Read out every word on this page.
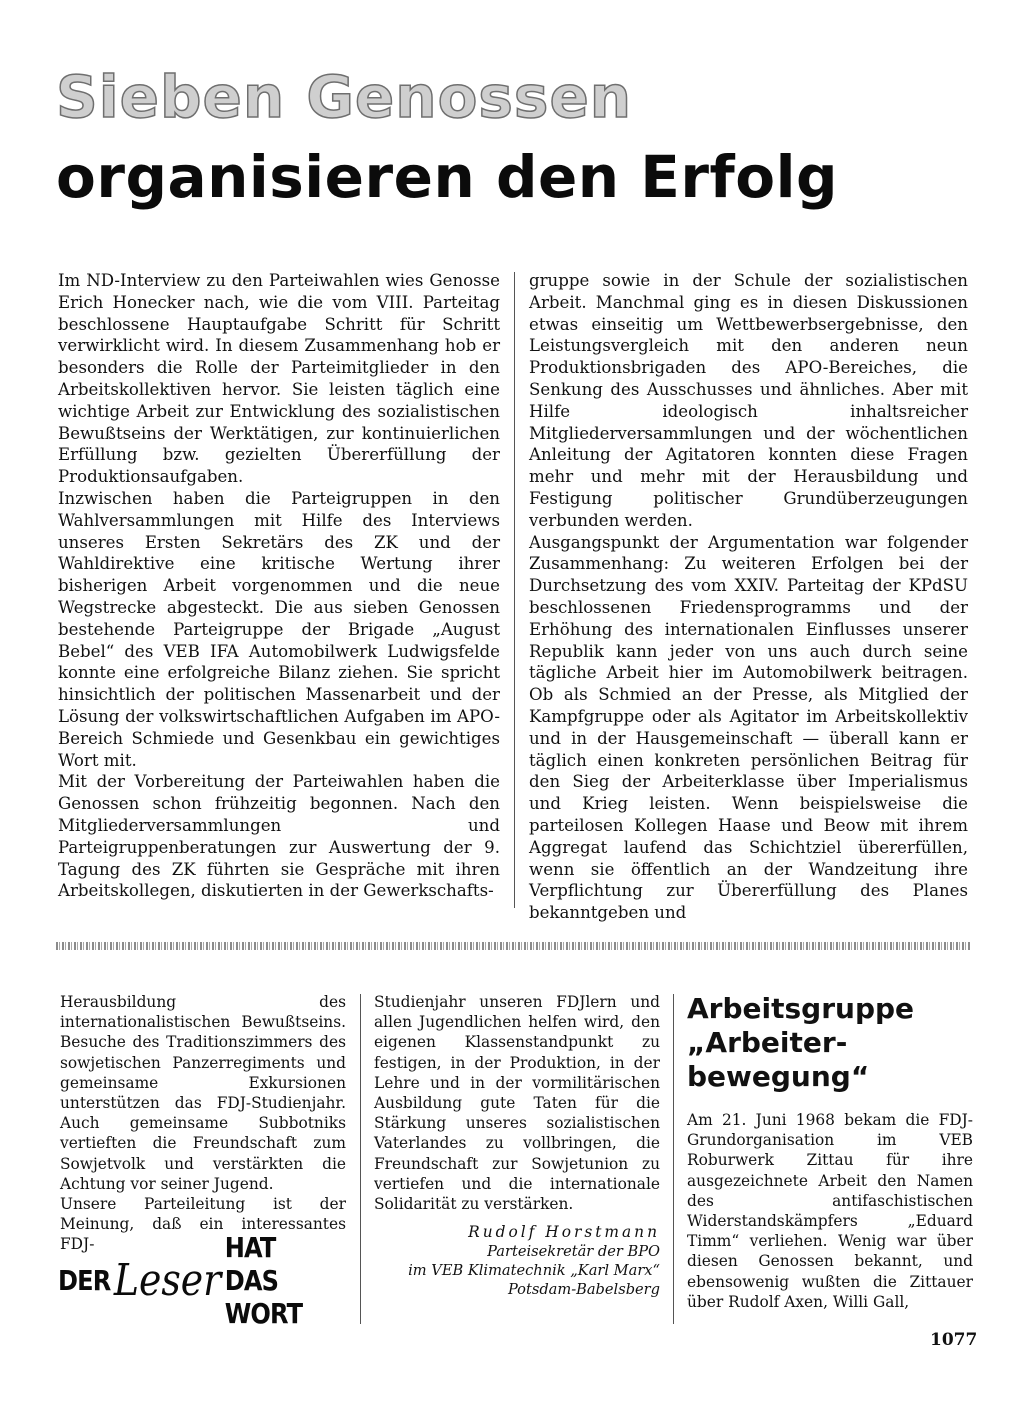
Sieben Genossen
organisieren den Erfolg

Im ND-Interview zu den Parteiwahlen wies Genosse Erich Honecker nach, wie die vom VIII. Parteitag beschlossene Hauptaufgabe Schritt für Schritt verwirklicht wird. In diesem Zusammenhang hob er besonders die Rolle der Parteimitglieder in den Arbeitskollektiven hervor. Sie leisten täglich eine wichtige Arbeit zur Entwicklung des sozialistischen Bewußtseins der Werktätigen, zur kontinuierlichen Erfüllung bzw. gezielten Übererfüllung der Produktionsaufgaben.

Inzwischen haben die Parteigruppen in den Wahlversammlungen mit Hilfe des Interviews unseres Ersten Sekretärs des ZK und der Wahldirektive eine kritische Wertung ihrer bisherigen Arbeit vorgenommen und die neue Wegstrecke abgesteckt. Die aus sieben Genossen bestehende Parteigruppe der Brigade „August Bebel“ des VEB IFA Automobilwerk Ludwigsfelde konnte eine erfolgreiche Bilanz ziehen. Sie spricht hinsichtlich der politischen Massenarbeit und der Lösung der volkswirtschaftlichen Aufgaben im APO-Bereich Schmiede und Gesenkbau ein gewichtiges Wort mit.

Mit der Vorbereitung der Parteiwahlen haben die Genossen schon frühzeitig begonnen. Nach den Mitgliederversammlungen und Parteigruppenberatungen zur Auswertung der 9. Tagung des ZK führten sie Gespräche mit ihren Arbeitskollegen, diskutierten in der Gewerkschafts-

gruppe sowie in der Schule der sozialistischen Arbeit. Manchmal ging es in diesen Diskussionen etwas einseitig um Wettbewerbsergebnisse, den Leistungsvergleich mit den anderen neun Produktionsbrigaden des APO-Bereiches, die Senkung des Ausschusses und ähnliches. Aber mit Hilfe ideologisch inhaltsreicher Mitgliederversammlungen und der wöchentlichen Anleitung der Agitatoren konnten diese Fragen mehr und mehr mit der Herausbildung und Festigung politischer Grundüberzeugungen verbunden werden.

Ausgangspunkt der Argumentation war folgender Zusammenhang: Zu weiteren Erfolgen bei der Durchsetzung des vom XXIV. Parteitag der KPdSU beschlossenen Friedensprogramms und der Erhöhung des internationalen Einflusses unserer Republik kann jeder von uns auch durch seine tägliche Arbeit hier im Automobilwerk beitragen. Ob als Schmied an der Presse, als Mitglied der Kampfgruppe oder als Agitator im Arbeitskollektiv und in der Hausgemeinschaft — überall kann er täglich einen konkreten persönlichen Beitrag für den Sieg der Arbeiterklasse über Imperialismus und Krieg leisten. Wenn beispielsweise die parteilosen Kollegen Haase und Beow mit ihrem Aggregat laufend das Schichtziel übererfüllen, wenn sie öffentlich an der Wandzeitung ihre Verpflichtung zur Übererfüllung des Planes bekanntgeben und

Herausbildung des internationalistischen Bewußtseins. Besuche des Traditionszimmers des sowjetischen Panzerregiments und gemeinsame Exkursionen unterstützen das FDJ-Studienjahr. Auch gemeinsame Subbotniks vertieften die Freundschaft zum Sowjetvolk und verstärkten die Achtung vor seiner Jugend.

Unsere Parteileitung ist der Meinung, daß ein interessantes FDJ-

Studienjahr unseren FDJlern und allen Jugendlichen helfen wird, den eigenen Klassenstandpunkt zu festigen, in der Produktion, in der Lehre und in der vormilitärischen Ausbildung gute Taten für die Stärkung unseres sozialistischen Vaterlandes zu vollbringen, die Freundschaft zur Sowjetunion zu vertiefen und die internationale Solidarität zu verstärken.

Rudolf Horstmann
Parteisekretär der BPO
im VEB Klimatechnik „Karl Marx“
Potsdam-Babelsberg
Arbeitsgruppe
„Arbeiter-
bewegung“

Am 21. Juni 1968 bekam die FDJ-Grundorganisation im VEB Roburwerk Zittau für ihre ausgezeichnete Arbeit den Namen des antifaschistischen Widerstandskämpfers „Eduard Timm“ verliehen. Wenig war über diesen Genossen bekannt, und ebensowenig wußten die Zittauer über Rudolf Axen, Willi Gall,

DER Leser
HAT DAS WORT
1077
